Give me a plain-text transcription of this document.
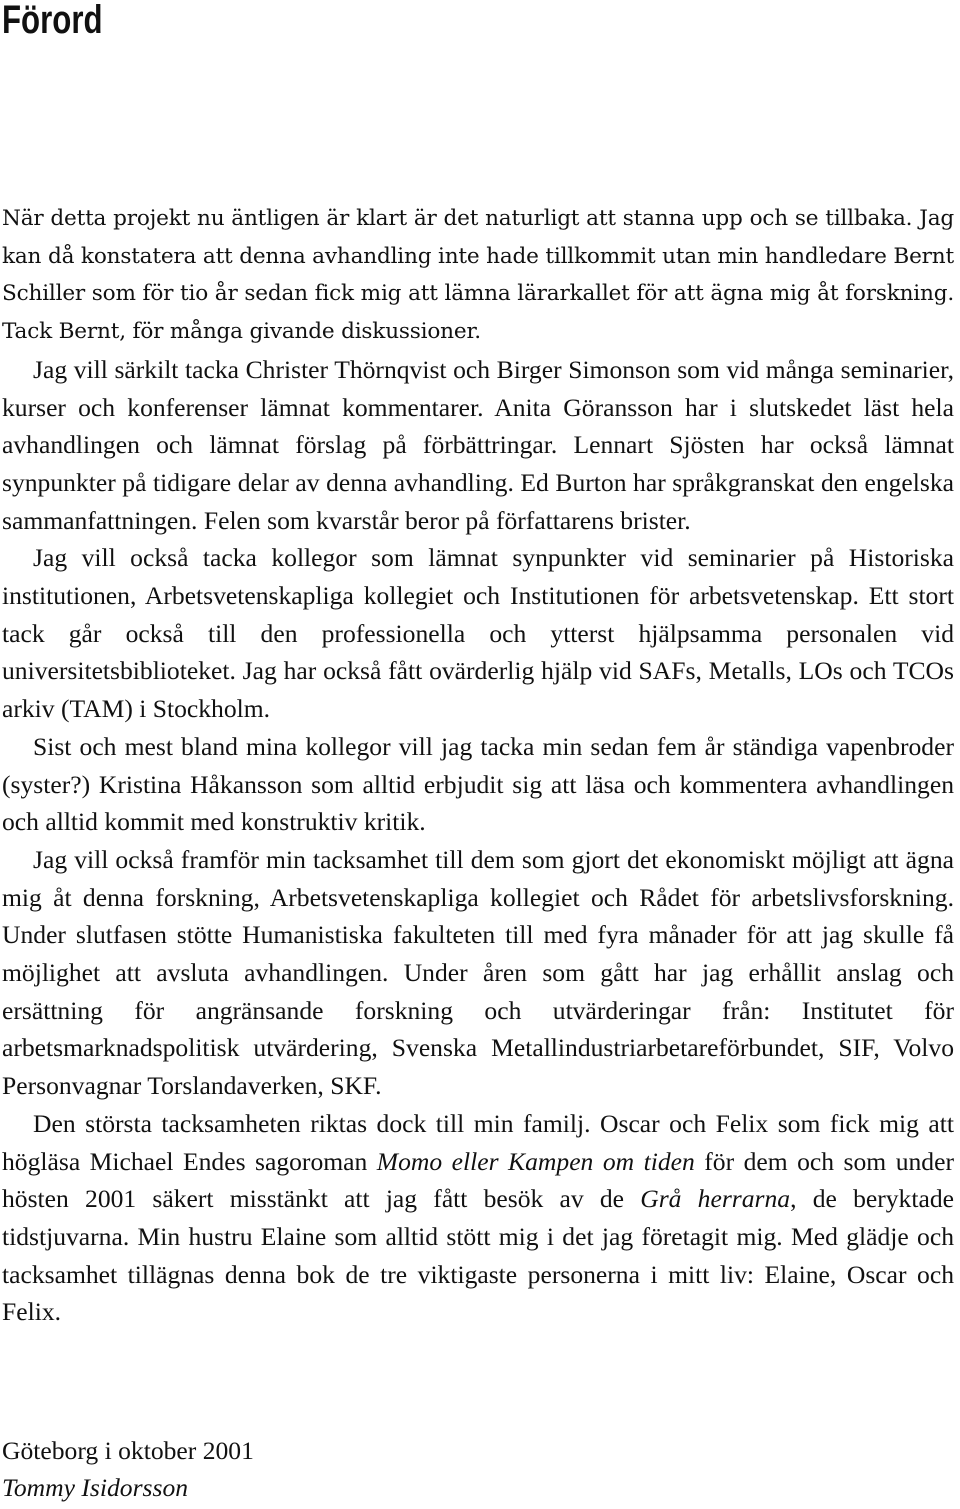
Förord

När detta projekt nu äntligen är klart är det naturligt att stanna upp och se tillbaka. Jag kan då konstatera att denna avhandling inte hade tillkommit utan min handledare Bernt Schiller som för tio år sedan fick mig att lämna lärarkallet för att ägna mig åt forskning. Tack Bernt, för många givande diskussioner.

Jag vill särkilt tacka Christer Thörnqvist och Birger Simonson som vid många seminarier, kurser och konferenser lämnat kommentarer. Anita Göransson har i slutskedet läst hela avhandlingen och lämnat förslag på förbättringar. Lennart Sjösten har också lämnat synpunkter på tidigare delar av denna avhandling. Ed Burton har språkgranskat den engelska sammanfattningen. Felen som kvarstår beror på författarens brister.

Jag vill också tacka kollegor som lämnat synpunkter vid seminarier på Historiska institutionen, Arbetsvetenskapliga kollegiet och Institutionen för arbetsvetenskap. Ett stort tack går också till den professionella och ytterst hjälpsamma personalen vid universitetsbiblioteket. Jag har också fått ovärderlig hjälp vid SAFs, Metalls, LOs och TCOs arkiv (TAM) i Stockholm.

Sist och mest bland mina kollegor vill jag tacka min sedan fem år ständiga vapenbroder (syster?) Kristina Håkansson som alltid erbjudit sig att läsa och kommentera avhandlingen och alltid kommit med konstruktiv kritik.

Jag vill också framför min tacksamhet till dem som gjort det ekonomiskt möjligt att ägna mig åt denna forskning, Arbetsvetenskapliga kollegiet och Rådet för arbetslivsforskning. Under slutfasen stötte Humanistiska fakulteten till med fyra månader för att jag skulle få möjlighet att avsluta avhandlingen. Under åren som gått har jag erhållit anslag och ersättning för angränsande forskning och utvärderingar från: Institutet för arbetsmarknadspolitisk utvärdering, Svenska Metallindustriarbetareförbundet, SIF, Volvo Personvagnar Torslandaverken, SKF.

Den största tacksamheten riktas dock till min familj. Oscar och Felix som fick mig att högläsa Michael Endes sagoroman Momo eller Kampen om tiden för dem och som under hösten 2001 säkert misstänkt att jag fått besök av de Grå herrarna, de beryktade tidstjuvarna. Min hustru Elaine som alltid stött mig i det jag företagit mig. Med glädje och tacksamhet tillägnas denna bok de tre viktigaste personerna i mitt liv: Elaine, Oscar och Felix.

Göteborg i oktober 2001
Tommy Isidorsson
